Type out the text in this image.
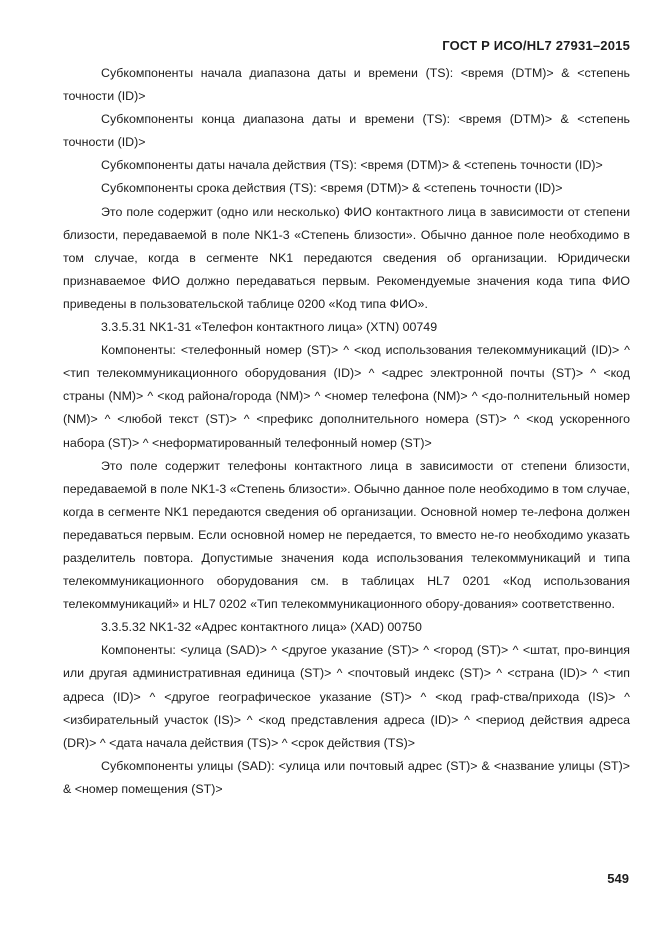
ГОСТ Р ИСО/HL7 27931–2015

Субкомпоненты начала диапазона даты и времени (TS): <время (DTM)> & <степень точности (ID)>

Субкомпоненты конца диапазона даты и времени (TS): <время (DTM)> & <степень точности (ID)>

Субкомпоненты даты начала действия (TS): <время (DTM)> & <степень точности (ID)>

Субкомпоненты срока действия (TS): <время (DTM)> & <степень точности (ID)>

Это поле содержит (одно или несколько) ФИО контактного лица в зависимости от степени близости, передаваемой в поле NK1-3 «Степень близости». Обычно данное поле необходимо в том случае, когда в сегменте NK1 передаются сведения об организации. Юридически признаваемое ФИО должно передаваться первым. Рекомендуемые значения кода типа ФИО приведены в пользовательской таблице 0200 «Код типа ФИО».

3.3.5.31 NK1-31 «Телефон контактного лица» (XTN) 00749

Компоненты: <телефонный номер (ST)> ^ <код использования телекоммуникаций (ID)> ^ <тип телекоммуникационного оборудования (ID)> ^ <адрес электронной почты (ST)> ^ <код страны (NM)> ^ <код района/города (NM)> ^ <номер телефона (NM)> ^ <до-полнительный номер (NM)> ^ <любой текст (ST)> ^ <префикс дополнительного номера (ST)> ^ <код ускоренного набора (ST)> ^ <неформатированный телефонный номер (ST)>

Это поле содержит телефоны контактного лица в зависимости от степени близости, передаваемой в поле NK1-3 «Степень близости». Обычно данное поле необходимо в том случае, когда в сегменте NK1 передаются сведения об организации. Основной номер те-лефона должен передаваться первым. Если основной номер не передается, то вместо не-го необходимо указать разделитель повтора. Допустимые значения кода использования телекоммуникаций и типа телекоммуникационного оборудования см. в таблицах HL7 0201 «Код использования телекоммуникаций» и HL7 0202 «Тип телекоммуникационного обору-дования» соответственно.

3.3.5.32 NK1-32 «Адрес контактного лица» (XAD) 00750

Компоненты: <улица (SAD)> ^ <другое указание (ST)> ^ <город (ST)> ^ <штат, про-винция или другая административная единица (ST)> ^ <почтовый индекс (ST)> ^ <страна (ID)> ^ <тип адреса (ID)> ^ <другое географическое указание (ST)> ^ <код граф-ства/прихода (IS)> ^ <избирательный участок (IS)> ^ <код представления адреса (ID)> ^ <период действия адреса (DR)> ^ <дата начала действия (TS)> ^ <срок действия (TS)>

Субкомпоненты улицы (SAD): <улица или почтовый адрес (ST)> & <название улицы (ST)> & <номер помещения (ST)>

549
